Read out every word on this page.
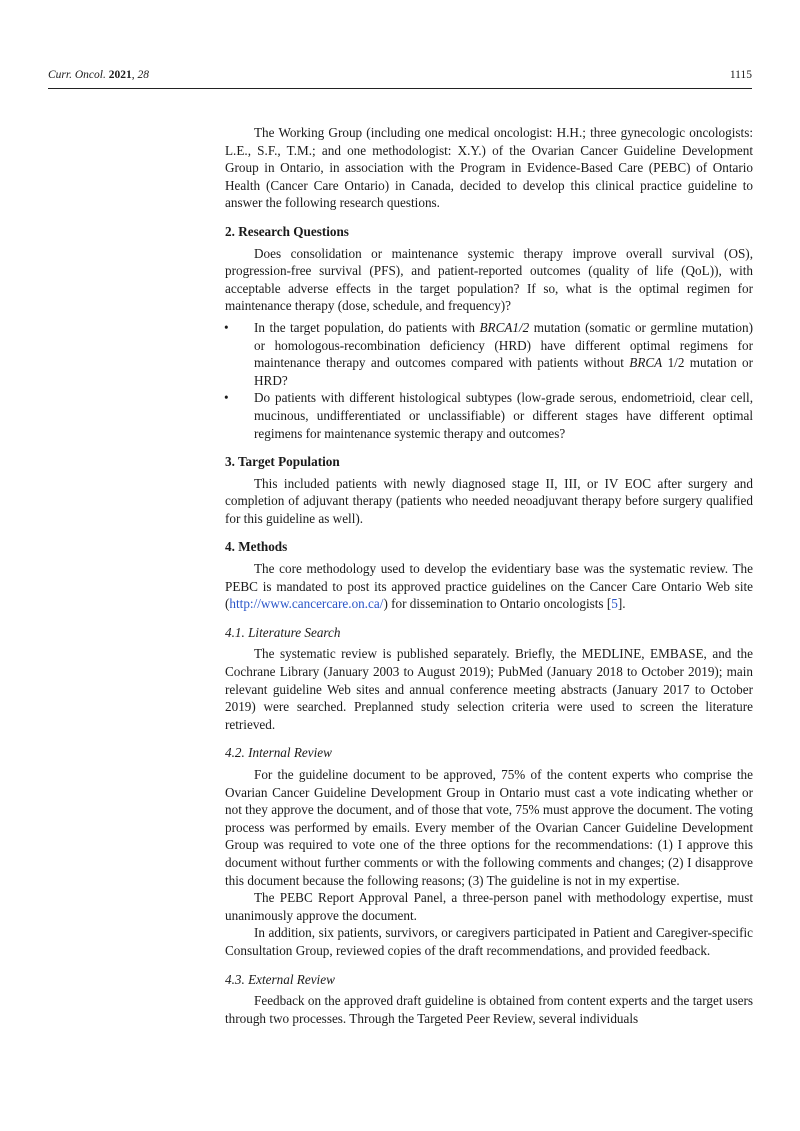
Curr. Oncol. 2021, 28	1115

The Working Group (including one medical oncologist: H.H.; three gynecologic oncologists: L.E., S.F., T.M.; and one methodologist: X.Y.) of the Ovarian Cancer Guideline Development Group in Ontario, in association with the Program in Evidence-Based Care (PEBC) of Ontario Health (Cancer Care Ontario) in Canada, decided to develop this clinical practice guideline to answer the following research questions.

2. Research Questions

Does consolidation or maintenance systemic therapy improve overall survival (OS), progression-free survival (PFS), and patient-reported outcomes (quality of life (QoL)), with acceptable adverse effects in the target population? If so, what is the optimal regimen for maintenance therapy (dose, schedule, and frequency)?

• In the target population, do patients with BRCA1/2 mutation (somatic or germline mutation) or homologous-recombination deficiency (HRD) have different optimal regimens for maintenance therapy and outcomes compared with patients without BRCA 1/2 mutation or HRD?
• Do patients with different histological subtypes (low-grade serous, endometrioid, clear cell, mucinous, undifferentiated or unclassifiable) or different stages have different optimal regimens for maintenance systemic therapy and outcomes?
3. Target Population

This included patients with newly diagnosed stage II, III, or IV EOC after surgery and completion of adjuvant therapy (patients who needed neoadjuvant therapy before surgery qualified for this guideline as well).

4. Methods

The core methodology used to develop the evidentiary base was the systematic review. The PEBC is mandated to post its approved practice guidelines on the Cancer Care Ontario Web site (http://www.cancercare.on.ca/) for dissemination to Ontario oncologists [5].

4.1. Literature Search

The systematic review is published separately. Briefly, the MEDLINE, EMBASE, and the Cochrane Library (January 2003 to August 2019); PubMed (January 2018 to October 2019); main relevant guideline Web sites and annual conference meeting abstracts (January 2017 to October 2019) were searched. Preplanned study selection criteria were used to screen the literature retrieved.

4.2. Internal Review

For the guideline document to be approved, 75% of the content experts who comprise the Ovarian Cancer Guideline Development Group in Ontario must cast a vote indicating whether or not they approve the document, and of those that vote, 75% must approve the document. The voting process was performed by emails. Every member of the Ovarian Cancer Guideline Development Group was required to vote one of the three options for the recommendations: (1) I approve this document without further comments or with the following comments and changes; (2) I disapprove this document because the following reasons; (3) The guideline is not in my expertise.

The PEBC Report Approval Panel, a three-person panel with methodology expertise, must unanimously approve the document.

In addition, six patients, survivors, or caregivers participated in Patient and Caregiver-specific Consultation Group, reviewed copies of the draft recommendations, and provided feedback.

4.3. External Review

Feedback on the approved draft guideline is obtained from content experts and the target users through two processes. Through the Targeted Peer Review, several individuals
